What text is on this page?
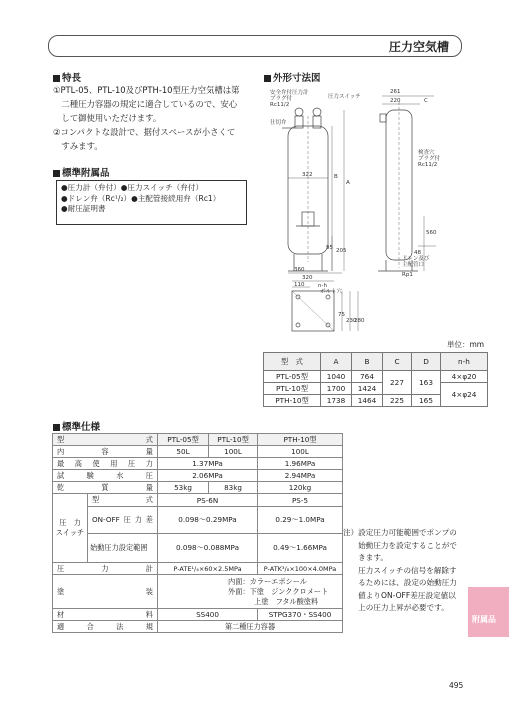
圧力空気槽
特長
①PTL-05、PTL-10及びPTH-10型圧力空気槽は第
　二種圧力容器の規定に適合しているので、安心
　して御使用いただけます。
②コンパクトな設計で、据付スペースが小さくて
　すみます。
標準附属品
●圧力計（弁付）●圧力スイッチ（弁付）
●ドレン弁（Rc¹/₂）●主配管接続用弁（Rc1）
●耐圧証明書
外形寸法図
安全弁付圧力計
ブラグ付
Rc11/2
圧力スイッチ
仕切弁
261
220	C
322	B
A
95 205
560
48
検査穴
プラグ付
Rc11/2
ドレン及び
主配管口
Rp1
360
320
110 n-h
ボルト穴
75
230
280
単位：mm
型　式	A	B	C	D	n-h
PTL-05型	1040	764	227	163	4×φ20
PTL-10型	1700	1424			4×φ24
PTH-10型	1738	1464	225	165	
標準仕様
型式		PTL-05型	PTL-10型	PTH-10型
内容量		50L	100L	100L
最高使用圧力		1.37MPa		1.96MPa
試験水圧		2.06MPa		2.94MPa
乾質量		53kg	83kg	120kg

圧　力
スイッチ	型式	PS-6N		PS-5
	ON-OFF圧力差	0.098～0.29MPa		0.29～1.0MPa
	始動圧力設定範囲	0.098～0.088MPa		0.49～1.66MPa
圧力計		P-ATE¹/₄×60×2.5MPa		P-ATK³/₈×100×4.0MPa
塗装		内面：カラーエポシール
外面：下塗　ジンククロメート
上塗　フタル酸塗料		

材料		SS400		STPG370・SS400
適合法規		第二種圧力容器		
注）設定圧力可能範囲でポンプの
　　始動圧力を設定することがで
　　きます。
　　圧力スイッチの信号を解除す
　　るためには、設定の始動圧力
　　値よりON-OFF差圧設定値以
　　上の圧力上昇が必要です。
附属品
495
